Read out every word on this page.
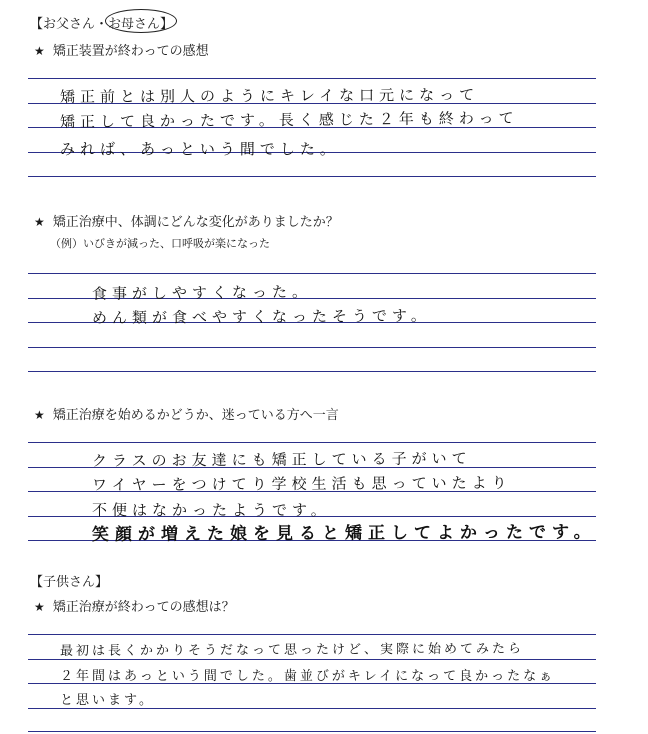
【お父さん・お母さん】
★ 矯正装置が終わっての感想
矯正前とは別人のようにキレイな口元になって
矯正して良かったです。長く感じた２年も終わって
みれば、あっという間でした。
★ 矯正治療中、体調にどんな変化がありましたか？
（例）いびきが減った、口呼吸が楽になった
食事がしやすくなった。
めん類が食べやすくなったそうです。
★ 矯正治療を始めるかどうか、迷っている方へ一言
クラスのお友達にも矯正している子がいて
ワイヤーをつけてり学校生活も思っていたより
不便はなかったようです。
笑顔が増えた娘を見ると矯正してよかったです。
【子供さん】
★ 矯正治療が終わっての感想は？
最初は長くかかりそうだなって思ったけど、実際に始めてみたら
２年間はあっという間でした。歯並びがキレイになって良かったなぁ
と思います。
